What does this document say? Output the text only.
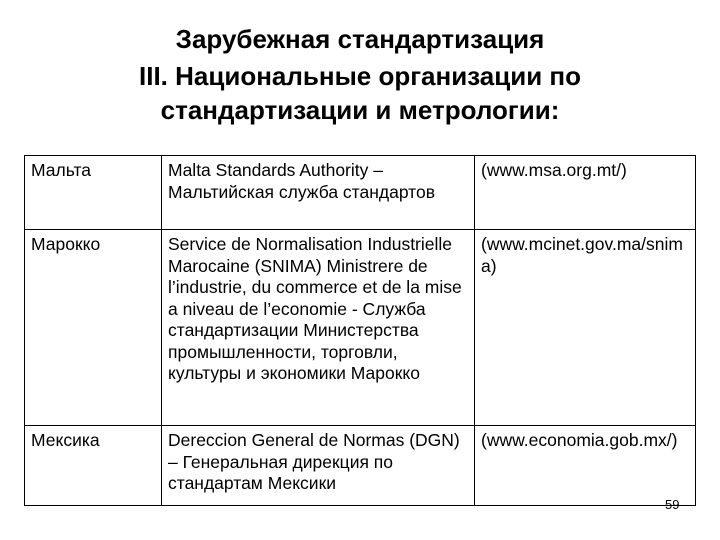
Зарубежная стандартизация
III. Национальные организации по
стандартизации и метрологии:
Мальта	Malta Standards Authority – Мальтийская служба стандартов	(www.msa.org.mt/)
Марокко	Service de Normalisation Industrielle Marocaine (SNIMA) Ministrere de l’industrie, du commerce et de la mise a niveau de l’economie - Служба стандартизации Министерства промышленности, торговли, культуры и экономики Марокко	(www.mcinet.gov.ma/snima)
Мексика	Dereccion General de Normas (DGN) – Генеральная дирекция по стандартам Мексики	(www.economia.gob.mx/)
59
